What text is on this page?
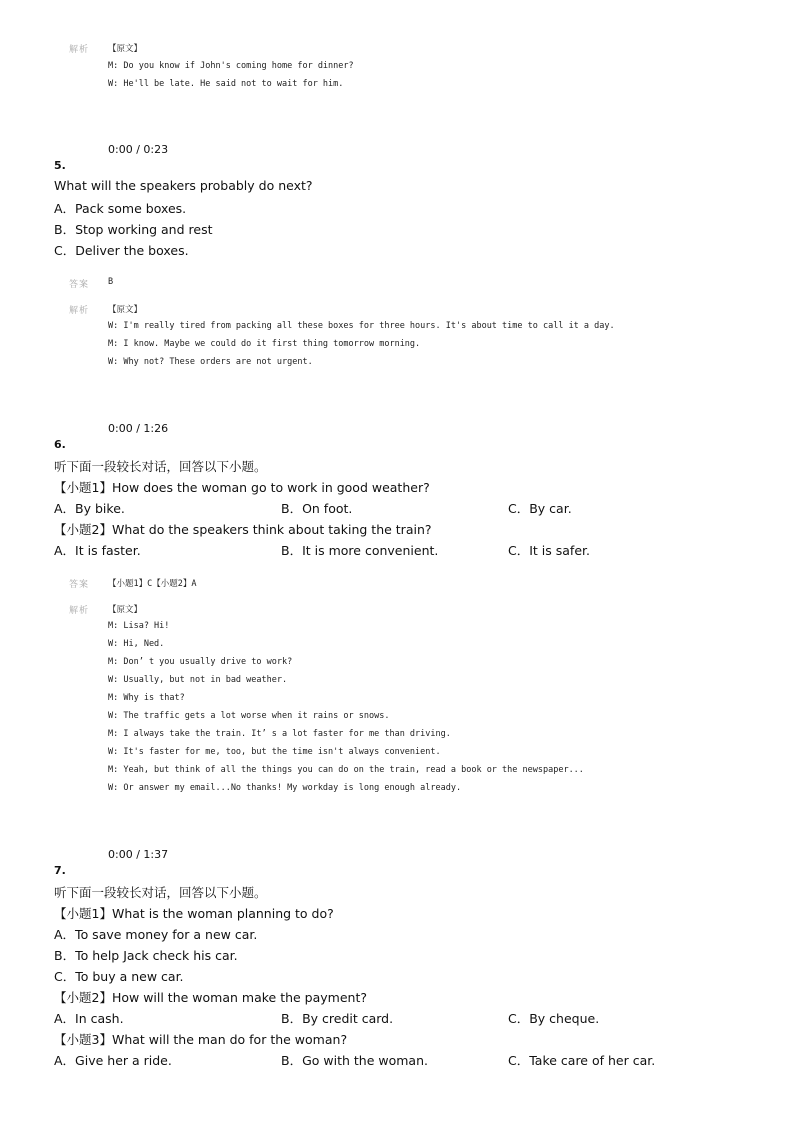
解析 【原文】
M: Do you know if John's coming home for dinner?
W: He'll be late. He said not to wait for him.
0:00 / 0:23
5.
What will the speakers probably do next?
A．Pack some boxes.
B．Stop working and rest
C．Deliver the boxes.
答案 B
解析 【原文】
W: I'm really tired from packing all these boxes for three hours. It's about time to call it a day.
M: I know. Maybe we could do it first thing tomorrow morning.
W: Why not? These orders are not urgent.
0:00 / 1:26
6.
听下面一段较长对话，回答以下小题。
【小题1】How does the woman go to work in good weather?
A．By bike.	B．On foot.	C．By car.
【小题2】What do the speakers think about taking the train?
A．It is faster.	B．It is more convenient.	C．It is safer.
答案 【小题1】C【小题2】A
解析 【原文】
M: Lisa? Hi!
W: Hi, Ned.
M: Don’ t you usually drive to work?
W: Usually, but not in bad weather.
M: Why is that?
W: The traffic gets a lot worse when it rains or snows.
M: I always take the train. It’ s a lot faster for me than driving.
W: It's faster for me, too, but the time isn't always convenient.
M: Yeah, but think of all the things you can do on the train, read a book or the newspaper...
W: Or answer my email...No thanks! My workday is long enough already.
0:00 / 1:37
7.
听下面一段较长对话，回答以下小题。
【小题1】What is the woman planning to do?
A．To save money for a new car.
B．To help Jack check his car.
C．To buy a new car.
【小题2】How will the woman make the payment?
A．In cash.	B．By credit card.	C．By cheque.
【小题3】What will the man do for the woman?
A．Give her a ride.	B．Go with the woman.	C．Take care of her car.
